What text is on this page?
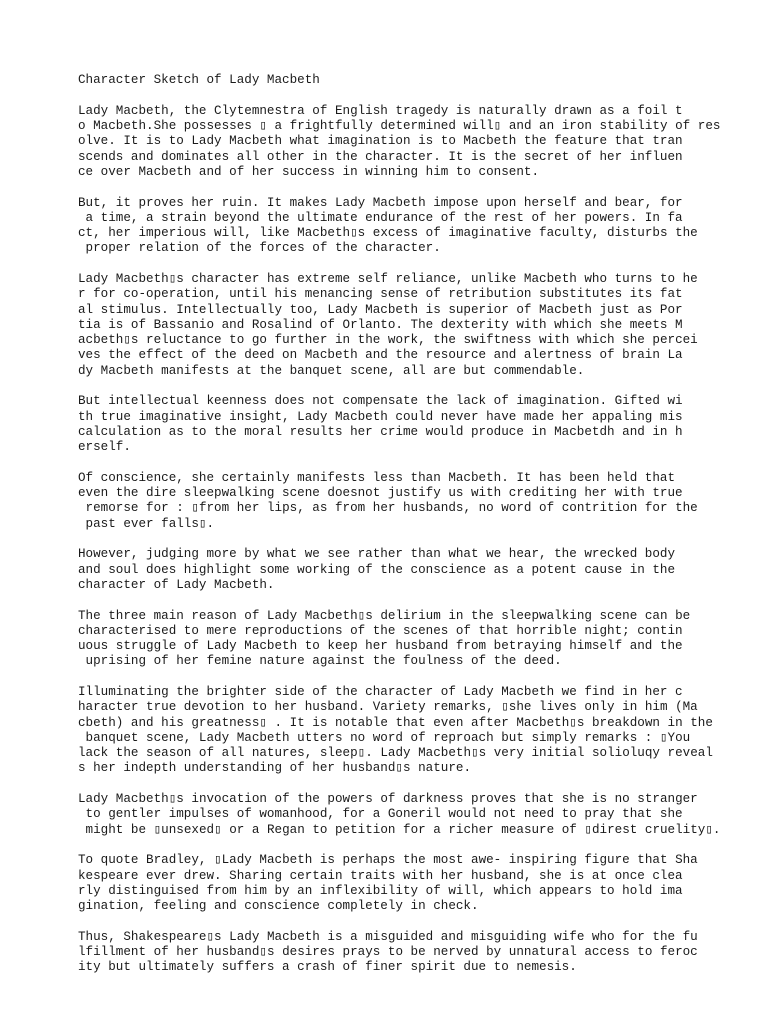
Character Sketch of Lady Macbeth
Lady Macbeth, the Clytemnestra of English tragedy is naturally drawn as a foil t
o Macbeth.She possesses ▯ a frightfully determined will▯ and an iron stability of res
olve. It is to Lady Macbeth what imagination is to Macbeth the feature that tran
scends and dominates all other in the character. It is the secret of her influen
ce over Macbeth and of her success in winning him to consent.
But, it proves her ruin. It makes Lady Macbeth impose upon herself and bear, for
a time, a strain beyond the ultimate endurance of the rest of her powers. In fa
ct, her imperious will, like Macbeth▯s excess of imaginative faculty, disturbs the
proper relation of the forces of the character.
Lady Macbeth▯s character has extreme self reliance, unlike Macbeth who turns to he
r for co-operation, until his menancing sense of retribution substitutes its fat
al stimulus. Intellectually too, Lady Macbeth is superior of Macbeth just as Por
tia is of Bassanio and Rosalind of Orlanto. The dexterity with which she meets M
acbeth▯s reluctance to go further in the work, the swiftness with which she percei
ves the effect of the deed on Macbeth and the resource and alertness of brain La
dy Macbeth manifests at the banquet scene, all are but commendable.
But intellectual keenness does not compensate the lack of imagination. Gifted wi
th true imaginative insight, Lady Macbeth could never have made her appaling mis
calculation as to the moral results her crime would produce in Macbetdh and in h
erself.
Of conscience, she certainly manifests less than Macbeth. It has been held that
even the dire sleepwalking scene doesnot justify us with crediting her with true
remorse for : ▯from her lips, as from her husbands, no word of contrition for the
past ever falls▯.
However, judging more by what we see rather than what we hear, the wrecked body
and soul does highlight some working of the conscience as a potent cause in the
character of Lady Macbeth.
The three main reason of Lady Macbeth▯s delirium in the sleepwalking scene can be
characterised to mere reproductions of the scenes of that horrible night; contin
uous struggle of Lady Macbeth to keep her husband from betraying himself and the
uprising of her femine nature against the foulness of the deed.
Illuminating the brighter side of the character of Lady Macbeth we find in her c
haracter true devotion to her husband. Variety remarks, ▯she lives only in him (Ma
cbeth) and his greatness▯ . It is notable that even after Macbeth▯s breakdown in the
banquet scene, Lady Macbeth utters no word of reproach but simply remarks : ▯You
lack the season of all natures, sleep▯. Lady Macbeth▯s very initial solioluqy reveal
s her indepth understanding of her husband▯s nature.
Lady Macbeth▯s invocation of the powers of darkness proves that she is no stranger
to gentler impulses of womanhood, for a Goneril would not need to pray that she
might be ▯unsexed▯ or a Regan to petition for a richer measure of ▯direst cruelity▯.
To quote Bradley, ▯Lady Macbeth is perhaps the most awe- inspiring figure that Sha
kespeare ever drew. Sharing certain traits with her husband, she is at once clea
rly distinguised from him by an inflexibility of will, which appears to hold ima
gination, feeling and conscience completely in check.
Thus, Shakespeare▯s Lady Macbeth is a misguided and misguiding wife who for the fu
lfillment of her husband▯s desires prays to be nerved by unnatural access to feroc
ity but ultimately suffers a crash of finer spirit due to nemesis.
